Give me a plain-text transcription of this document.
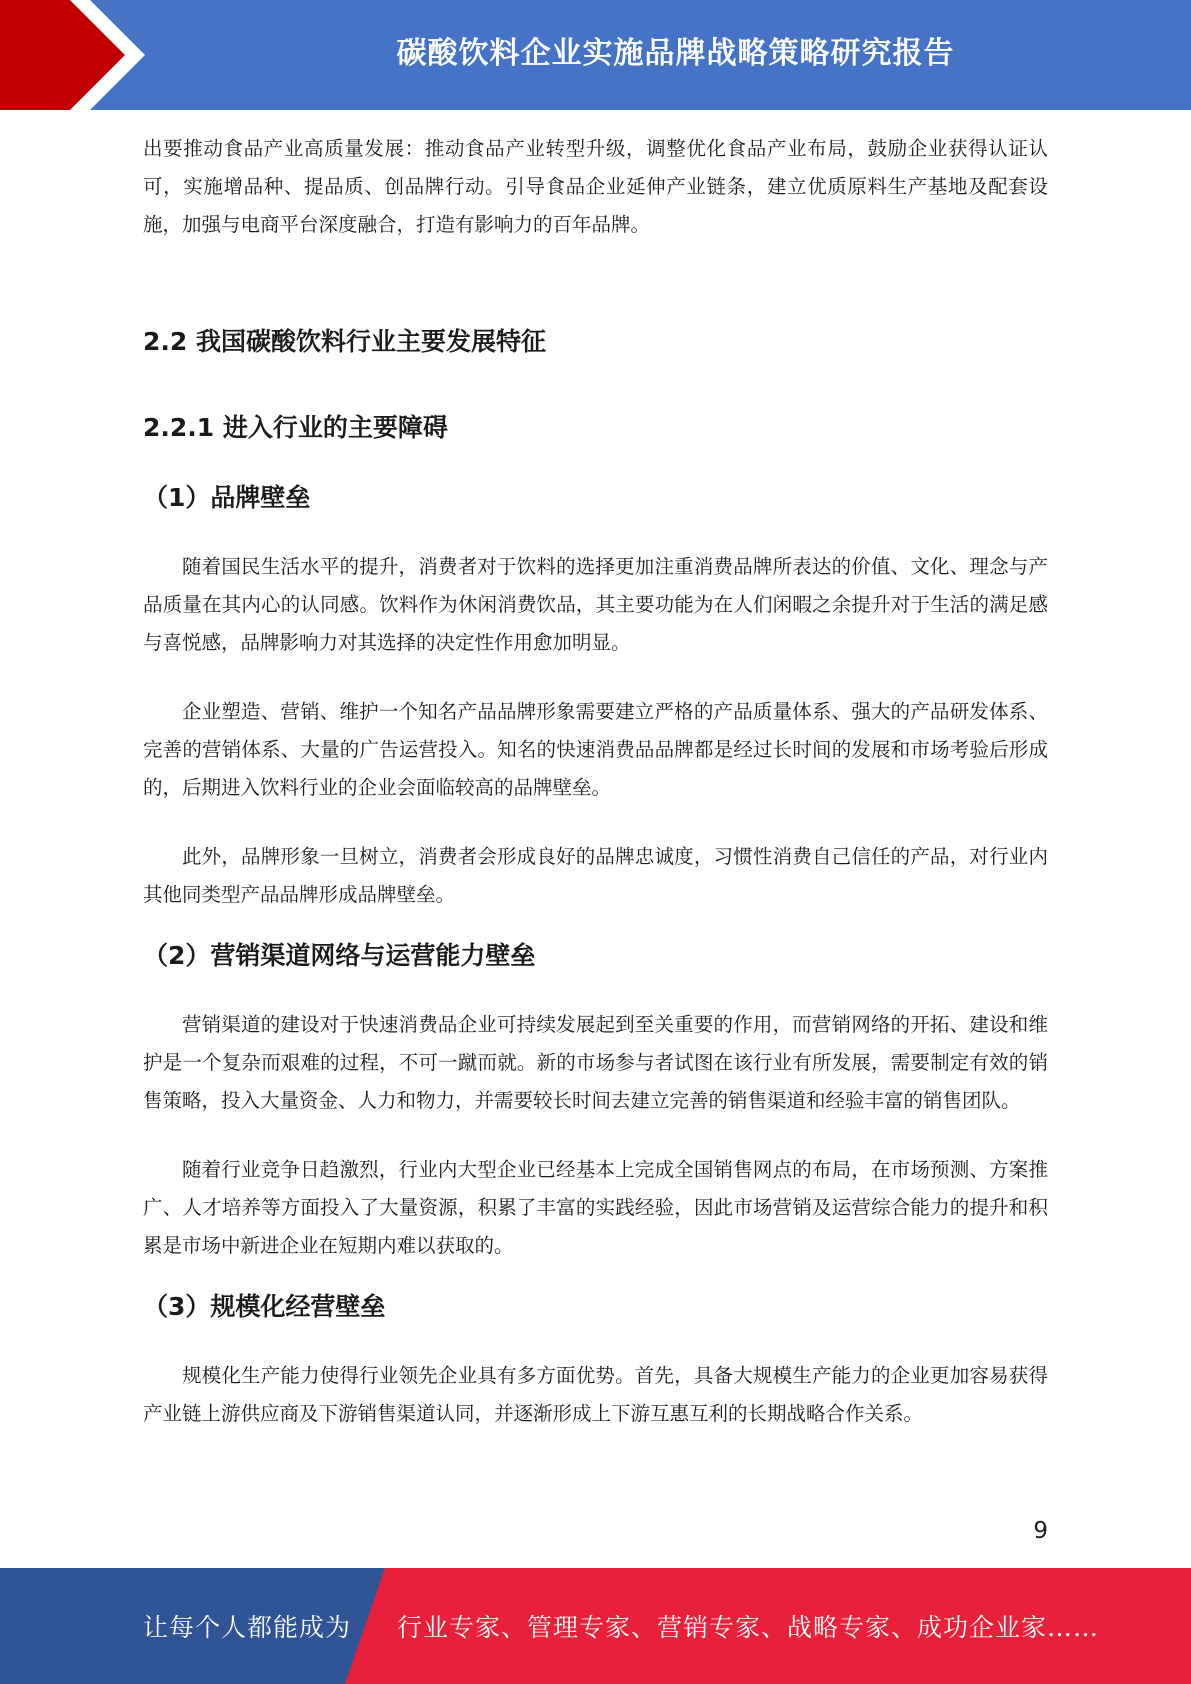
碳酸饮料企业实施品牌战略策略研究报告

出要推动食品产业高质量发展：推动食品产业转型升级，调整优化食品产业布局，鼓励企业获得认证认可，实施增品种、提品质、创品牌行动。引导食品企业延伸产业链条，建立优质原料生产基地及配套设施，加强与电商平台深度融合，打造有影响力的百年品牌。

2.2 我国碳酸饮料行业主要发展特征
2.2.1 进入行业的主要障碍
（1）品牌壁垒

随着国民生活水平的提升，消费者对于饮料的选择更加注重消费品牌所表达的价值、文化、理念与产品质量在其内心的认同感。饮料作为休闲消费饮品，其主要功能为在人们闲暇之余提升对于生活的满足感与喜悦感，品牌影响力对其选择的决定性作用愈加明显。

企业塑造、营销、维护一个知名产品品牌形象需要建立严格的产品质量体系、强大的产品研发体系、完善的营销体系、大量的广告运营投入。知名的快速消费品品牌都是经过长时间的发展和市场考验后形成的，后期进入饮料行业的企业会面临较高的品牌壁垒。

此外，品牌形象一旦树立，消费者会形成良好的品牌忠诚度，习惯性消费自己信任的产品，对行业内其他同类型产品品牌形成品牌壁垒。

（2）营销渠道网络与运营能力壁垒

营销渠道的建设对于快速消费品企业可持续发展起到至关重要的作用，而营销网络的开拓、建设和维护是一个复杂而艰难的过程，不可一蹴而就。新的市场参与者试图在该行业有所发展，需要制定有效的销售策略，投入大量资金、人力和物力，并需要较长时间去建立完善的销售渠道和经验丰富的销售团队。

随着行业竞争日趋激烈，行业内大型企业已经基本上完成全国销售网点的布局，在市场预测、方案推广、人才培养等方面投入了大量资源，积累了丰富的实践经验，因此市场营销及运营综合能力的提升和积累是市场中新进企业在短期内难以获取的。

（3）规模化经营壁垒

规模化生产能力使得行业领先企业具有多方面优势。首先，具备大规模生产能力的企业更加容易获得产业链上游供应商及下游销售渠道认同，并逐渐形成上下游互惠互利的长期战略合作关系。

9
让每个人都能成为 行业专家、管理专家、营销专家、战略专家、成功企业家……
